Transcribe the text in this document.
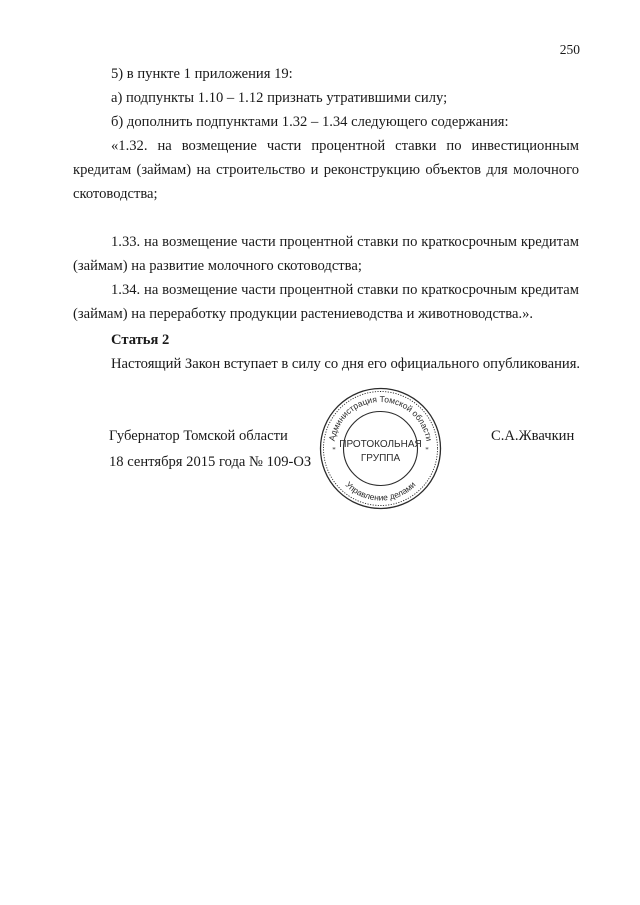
250
5) в пункте 1 приложения 19:
а) подпункты 1.10 – 1.12 признать утратившими силу;
б) дополнить подпунктами 1.32 – 1.34 следующего содержания:
«1.32. на возмещение части процентной ставки по инвестиционным
кредитам (займам) на строительство и реконструкцию объектов для молочного
скотоводства;
1.33. на возмещение части процентной ставки по краткосрочным кредитам
(займам) на развитие молочного скотоводства;
1.34. на возмещение части процентной ставки по краткосрочным кредитам
(займам) на переработку продукции растениеводства и животноводства.».
Статья 2
Настоящий Закон вступает в силу со дня его официального опубликования.
Губернатор Томской области
18 сентября 2015 года № 109-ОЗ
С.А.Жвачкин
Администрация Томской области
Управление делами
*	*
ПРОТОКОЛЬНАЯ
ГРУППА
